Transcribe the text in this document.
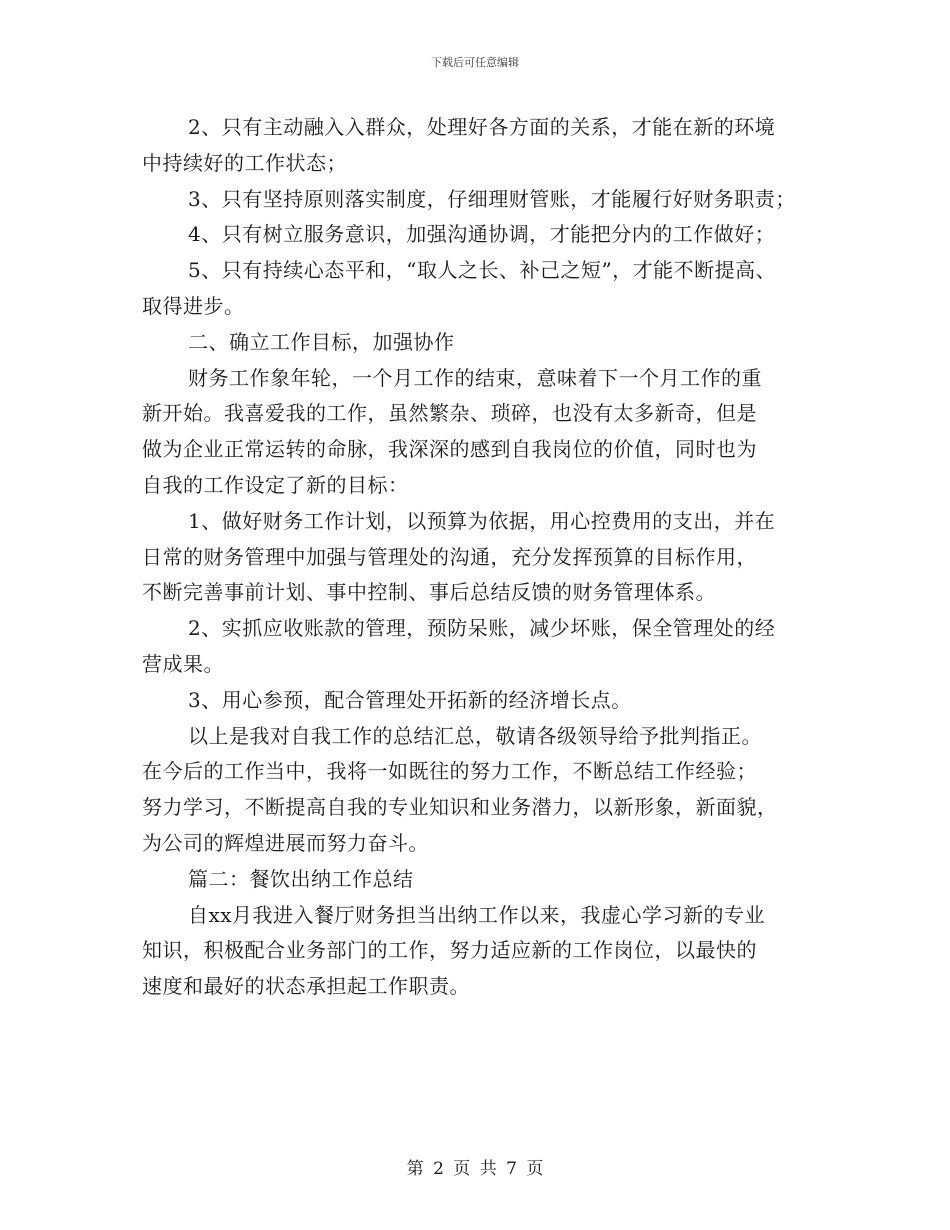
下载后可任意编辑
2、只有主动融入入群众，处理好各方面的关系，才能在新的环境
中持续好的工作状态；
3、只有坚持原则落实制度，仔细理财管账，才能履行好财务职责；
4、只有树立服务意识，加强沟通协调，才能把分内的工作做好；
5、只有持续心态平和，“取人之长、补己之短”，才能不断提高、
取得进步。
二、确立工作目标，加强协作
财务工作象年轮，一个月工作的结束，意味着下一个月工作的重
新开始。我喜爱我的工作，虽然繁杂、琐碎，也没有太多新奇，但是
做为企业正常运转的命脉，我深深的感到自我岗位的价值，同时也为
自我的工作设定了新的目标：
1、做好财务工作计划，以预算为依据，用心控费用的支出，并在
日常的财务管理中加强与管理处的沟通，充分发挥预算的目标作用，
不断完善事前计划、事中控制、事后总结反馈的财务管理体系。
2、实抓应收账款的管理，预防呆账，减少坏账，保全管理处的经
营成果。
3、用心参预，配合管理处开拓新的经济增长点。
以上是我对自我工作的总结汇总，敬请各级领导给予批判指正。
在今后的工作当中，我将一如既往的努力工作，不断总结工作经验；
努力学习，不断提高自我的专业知识和业务潜力，以新形象，新面貌，
为公司的辉煌进展而努力奋斗。
篇二：餐饮出纳工作总结
自xx月我进入餐厅财务担当出纳工作以来，我虚心学习新的专业
知识，积极配合业务部门的工作，努力适应新的工作岗位，以最快的
速度和最好的状态承担起工作职责。
第 2 页 共 7 页
